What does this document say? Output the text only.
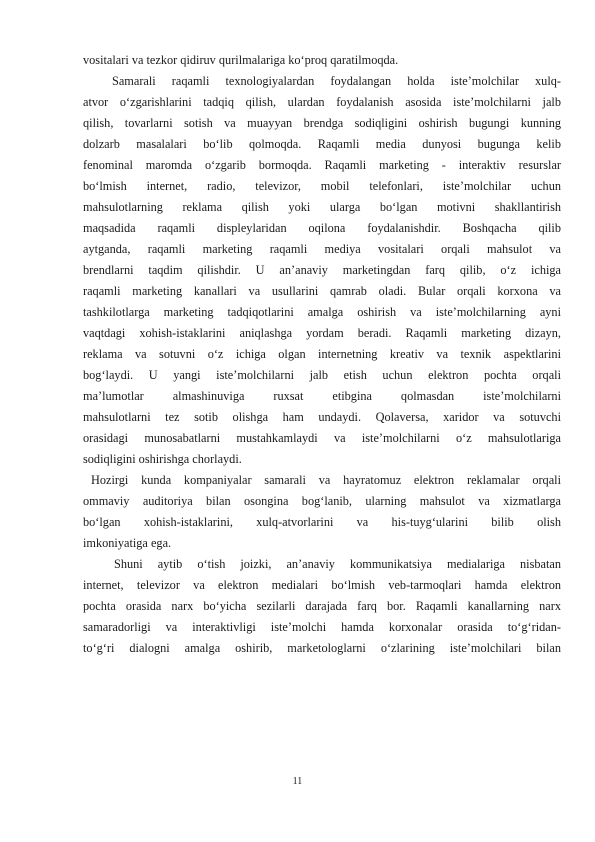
vositalari va tezkor qidiruv qurilmalariga ko‘proq qaratilmoqda.
Samarali raqamli texnologiyalardan foydalangan holda iste’molchilar xulq-
atvor o‘zgarishlarini tadqiq qilish, ulardan foydalanish asosida iste’molchilarni jalb
qilish, tovarlarni sotish va muayyan brendga sodiqligini oshirish bugungi kunning
dolzarb masalalari bo‘lib qolmoqda. Raqamli media dunyosi bugunga kelib
fenominal maromda o‘zgarib bormoqda. Raqamli marketing - interaktiv resurslar
bo‘lmish internet, radio, televizor, mobil telefonlari, iste’molchilar uchun
mahsulotlarning reklama qilish yoki ularga bo‘lgan motivni shakllantirish
maqsadida raqamli displeylaridan oqilona foydalanishdir. Boshqacha qilib
aytganda, raqamli marketing raqamli mediya vositalari orqali mahsulot va
brendlarni taqdim qilishdir. U an’anaviy marketingdan farq qilib, o‘z ichiga
raqamli marketing kanallari va usullarini qamrab oladi. Bular orqali korxona va
tashkilotlarga marketing tadqiqotlarini amalga oshirish va iste’molchilarning ayni
vaqtdagi xohish-istaklarini aniqlashga yordam beradi. Raqamli marketing dizayn,
reklama va sotuvni o‘z ichiga olgan internetning kreativ va texnik aspektlarini
bog‘laydi. U yangi iste’molchilarni jalb etish uchun elektron pochta orqali
ma’lumotlar almashinuviga ruxsat etibgina qolmasdan iste’molchilarni
mahsulotlarni tez sotib olishga ham undaydi. Qolaversa, xaridor va sotuvchi
orasidagi munosabatlarni mustahkamlaydi va iste’molchilarni o‘z mahsulotlariga
sodiqligini oshirishga chorlaydi.
Hozirgi kunda kompaniyalar samarali va hayratomuz elektron reklamalar orqali
ommaviy auditoriya bilan osongina bog‘lanib, ularning mahsulot va xizmatlarga
bo‘lgan xohish-istaklarini, xulq-atvorlarini va his-tuyg‘ularini bilib olish
imkoniyatiga ega.
Shuni aytib o‘tish joizki, an’anaviy kommunikatsiya medialariga nisbatan
internet, televizor va elektron medialari bo‘lmish veb-tarmoqlari hamda elektron
pochta orasida narx bo‘yicha sezilarli darajada farq bor. Raqamli kanallarning narx
samaradorligi va interaktivligi iste’molchi hamda korxonalar orasida to‘g‘ridan-
to‘g‘ri dialogni amalga oshirib, marketologlarni o‘zlarining iste’molchilari bilan
11
